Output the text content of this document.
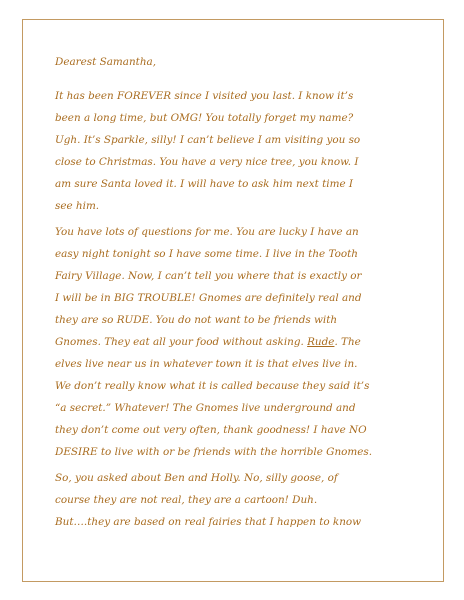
Dearest Samantha,

It has been FOREVER since I visited you last. I know it’s
been a long time, but OMG! You totally forget my name?
Ugh. It’s Sparkle, silly! I can’t believe I am visiting you so
close to Christmas. You have a very nice tree, you know. I
am sure Santa loved it. I will have to ask him next time I
see him.
You have lots of questions for me. You are lucky I have an
easy night tonight so I have some time. I live in the Tooth
Fairy Village. Now, I can’t tell you where that is exactly or
I will be in BIG TROUBLE! Gnomes are definitely real and
they are so RUDE. You do not want to be friends with
Gnomes. They eat all your food without asking. Rude. The
elves live near us in whatever town it is that elves live in.
We don’t really know what it is called because they said it’s
“a secret.” Whatever! The Gnomes live underground and
they don’t come out very often, thank goodness! I have NO
DESIRE to live with or be friends with the horrible Gnomes.
So, you asked about Ben and Holly. No, silly goose, of
course they are not real, they are a cartoon! Duh.
But….they are based on real fairies that I happen to know
